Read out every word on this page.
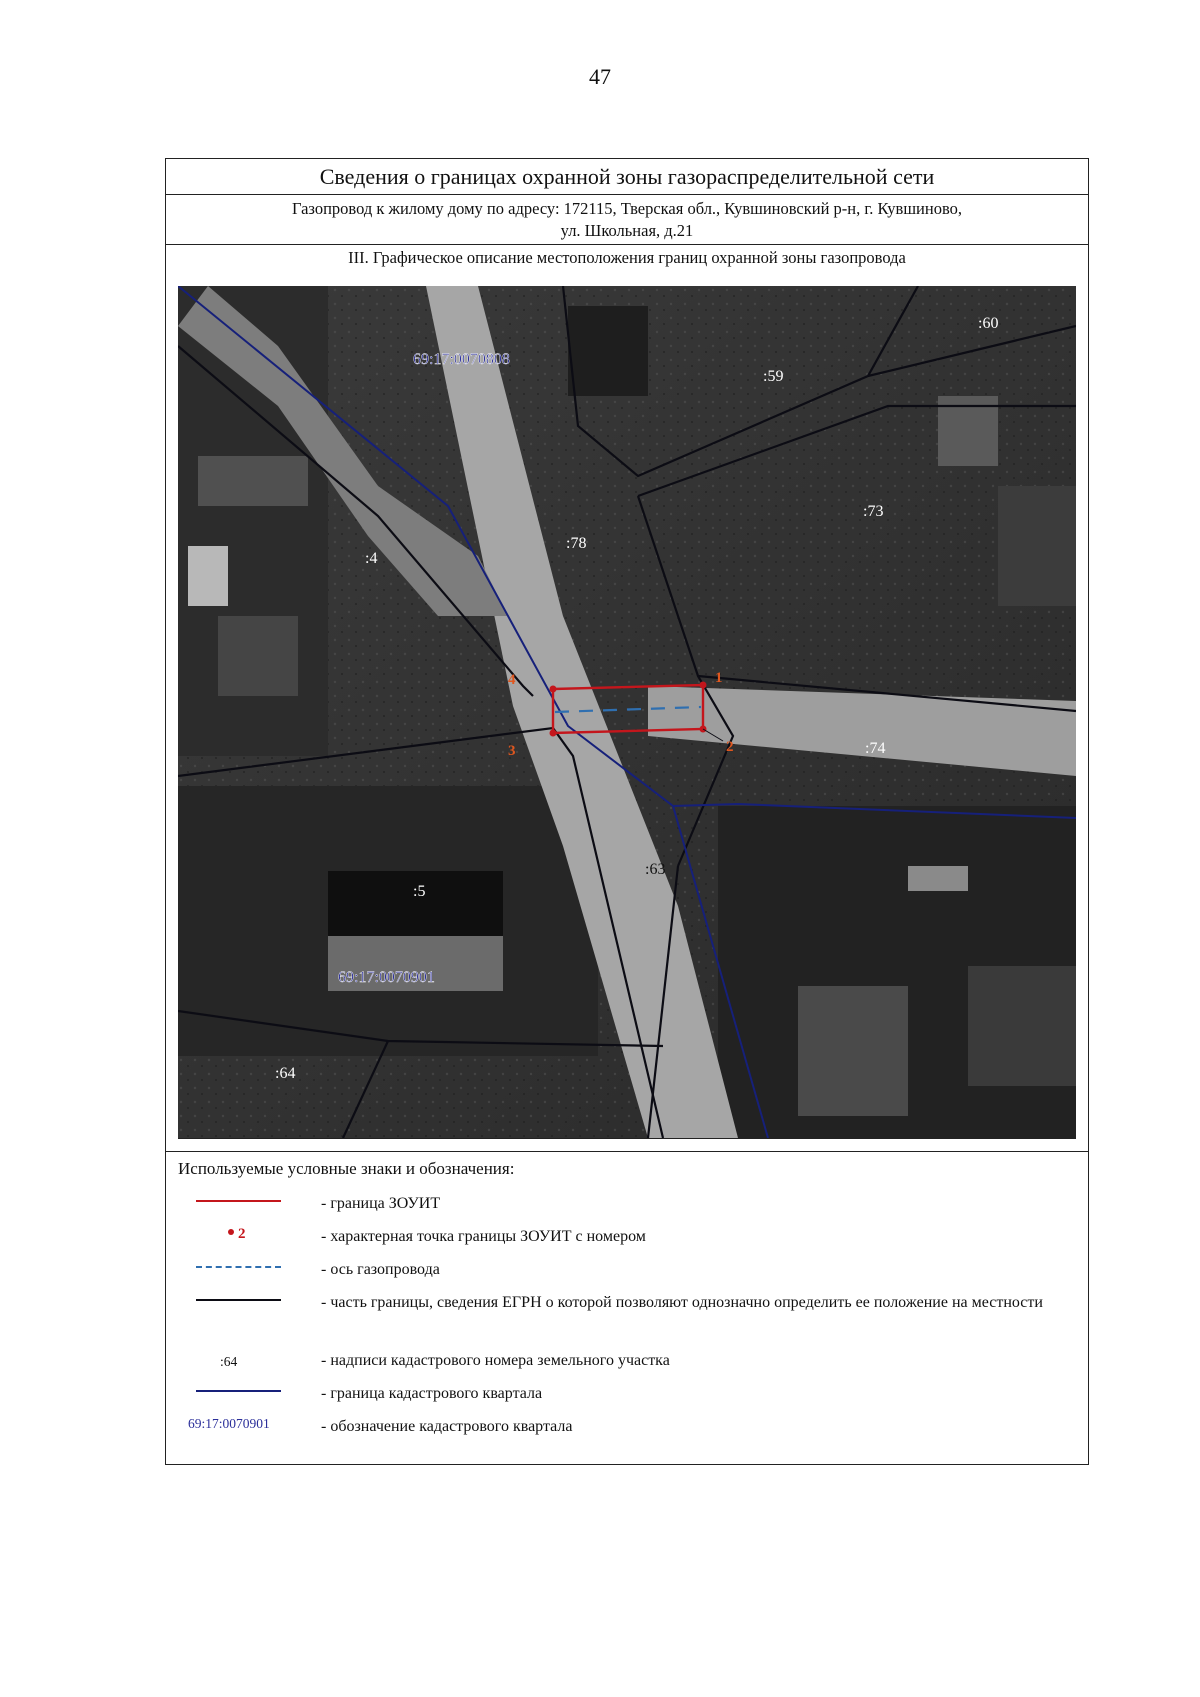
47
Сведения о границах охранной зоны газораспределительной сети
Газопровод к жилому дому по адресу: 172115, Тверская обл., Кувшиновский р-н, г. Кувшиново,
ул. Школьная, д.21
III. Графическое описание местоположения границ охранной зоны газопровода
69:17:0070808
69:17:0070901
:60
:59
:73
:78
:4
:74
:63
:5
:64
1
2
3
4
Используемые условные знаки и обозначения:
- граница ЗОУИТ
2	- характерная точка границы ЗОУИТ с номером
- ось газопровода
- часть границы, сведения ЕГРН о которой позволяют однозначно определить ее положение на местности
:64	- надписи кадастрового номера земельного участка
- граница кадастрового квартала
69:17:0070901	- обозначение кадастрового квартала
